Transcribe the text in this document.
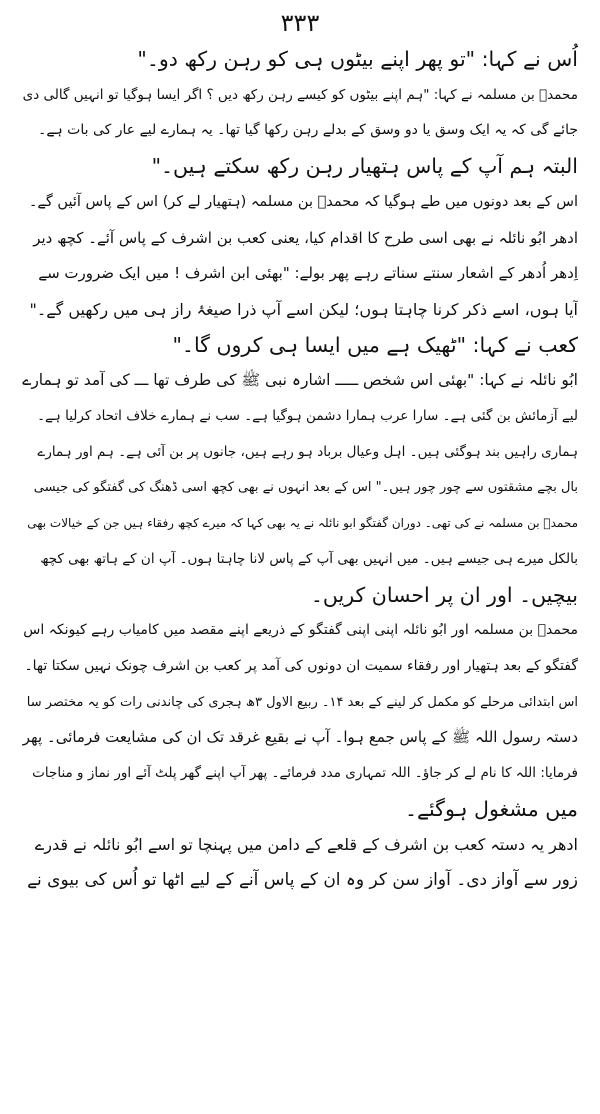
۳۳۳

اُس نے کہا: "تو پھر اپنے بیٹوں ہی کو رہن رکھ دو۔"

محمدؐ بن مسلمہ نے کہا: "ہم اپنے بیٹوں کو کیسے رہن رکھ دیں ؟ اگر ایسا ہوگیا تو انہیں گالی دی
جائے گی کہ یہ ایک وسق یا دو وسق کے بدلے رہن رکھا گیا تھا۔ یہ ہمارے لیے عار کی بات ہے۔
البتہ ہم آپ کے پاس ہتھیار رہن رکھ سکتے ہیں۔"

اس کے بعد دونوں میں طے ہوگیا کہ محمدؐ بن مسلمہ (ہتھیار لے کر) اس کے پاس آئیں گے۔

ادھر ابُو نائلہ نے بھی اسی طرح کا اقدام کیا، یعنی کعب بن اشرف کے پاس آئے۔ کچھ دیر
اِدھر اُدھر کے اشعار سنتے سناتے رہے پھر بولے: "بھئی ابن اشرف ! میں ایک ضرورت سے
آیا ہوں، اسے ذکر کرنا چاہتا ہوں؛ لیکن اسے آپ ذرا صیغۂ راز ہی میں رکھیں گے۔"

کعب نے کہا: "ٹھیک ہے میں ایسا ہی کروں گا۔"

ابُو نائلہ نے کہا: "بھئی اس شخص ـــــ اشارہ نبی ﷺ کی طرف تھا ـــ کی آمد تو ہمارے
لیے آزمائش بن گئی ہے۔ سارا عرب ہمارا دشمن ہوگیا ہے۔ سب نے ہمارے خلاف اتحاد کرلیا ہے۔
ہماری راہیں بند ہوگئی ہیں۔ اہل وعیال برباد ہو رہے ہیں، جانوں پر بن آئی ہے۔ ہم اور ہمارے
بال بچے مشقتوں سے چور چور ہیں۔" اس کے بعد انہوں نے بھی کچھ اسی ڈھنگ کی گفتگو کی جیسی
محمدؐ بن مسلمہ نے کی تھی۔ دوران گفتگو ابو نائلہ نے یہ بھی کہا کہ میرے کچھ رفقاء ہیں جن کے خیالات بھی
بالکل میرے ہی جیسے ہیں۔ میں انہیں بھی آپ کے پاس لانا چاہتا ہوں۔ آپ ان کے ہاتھ بھی کچھ
بیچیں۔ اور ان پر احسان کریں۔

محمدؐ بن مسلمہ اور ابُو نائلہ اپنی اپنی گفتگو کے ذریعے اپنے مقصد میں کامیاب رہے کیونکہ اس
گفتگو کے بعد ہتھیار اور رفقاء سمیت ان دونوں کی آمد پر کعب بن اشرف چونک نہیں سکتا تھا۔

اس ابتدائی مرحلے کو مکمل کر لینے کے بعد ۱۴۔ ربیع الاول ۳ھ ہجری کی چاندنی رات کو یہ مختصر سا
دستہ رسول اللہ ﷺ کے پاس جمع ہوا۔ آپ نے بقیع غرقد تک ان کی مشایعت فرمائی۔ پھر
فرمایا: اللہ کا نام لے کر جاؤ۔ اللہ تمہاری مدد فرمائے۔ پھر آپ اپنے گھر پلٹ آئے اور نماز و مناجات
میں مشغول ہوگئے۔

ادھر یہ دستہ کعب بن اشرف کے قلعے کے دامن میں پہنچا تو اسے ابُو نائلہ نے قدرے
زور سے آواز دی۔ آواز سن کر وہ ان کے پاس آنے کے لیے اٹھا تو اُس کی بیوی نے
